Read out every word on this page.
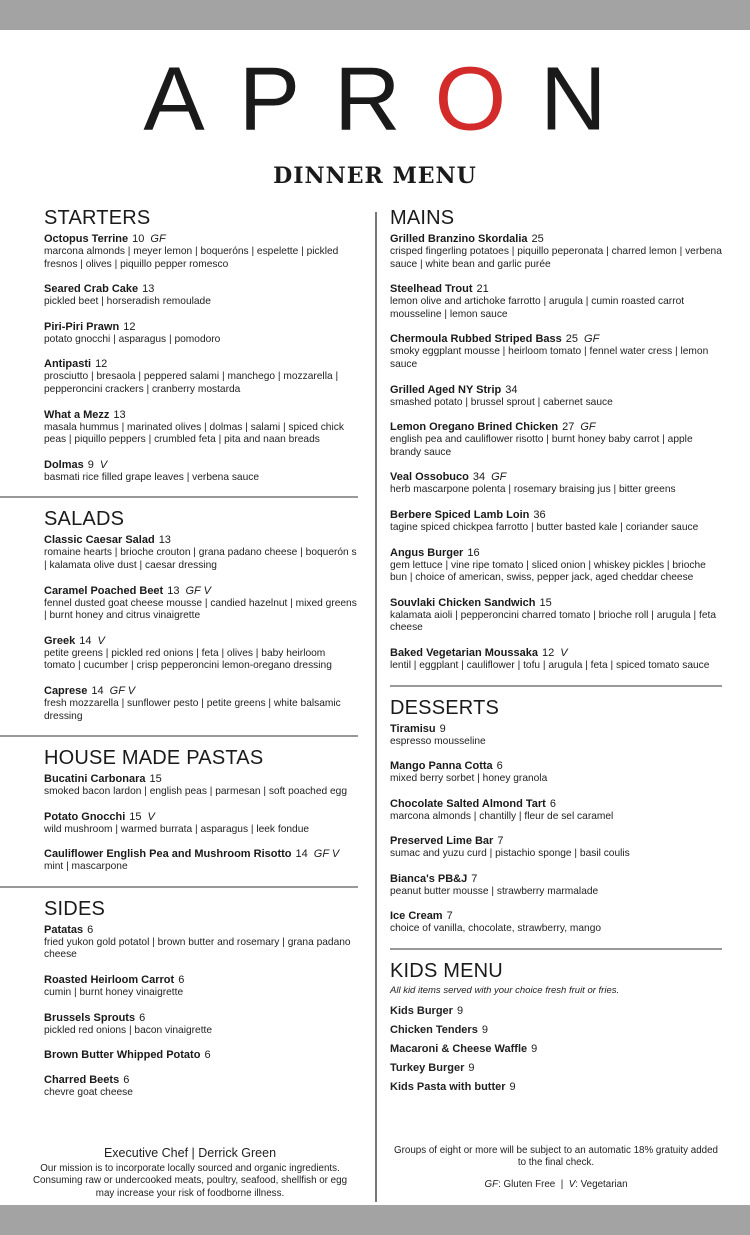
APRON
DINNER MENU
STARTERS
Octopus Terrine 10 GF
marcona almonds | meyer lemon | boqueróns | espelette | pickled fresnos | olives | piquillo pepper romesco
Seared Crab Cake 13
pickled beet | horseradish remoulade
Piri-Piri Prawn 12
potato gnocchi | asparagus | pomodoro
Antipasti 12
prosciutto | bresaola | peppered salami | manchego | mozzarella | pepperoncini crackers | cranberry mostarda
What a Mezz 13
masala hummus | marinated olives | dolmas | salami | spiced chick peas | piquillo peppers | crumbled feta | pita and naan breads
Dolmas 9 V
basmati rice filled grape leaves | verbena sauce
SALADS
Classic Caesar Salad 13
romaine hearts | brioche crouton | grana padano cheese | boquerón s | kalamata olive dust | caesar dressing
Caramel Poached Beet 13 GF V
fennel dusted goat cheese mousse | candied hazelnut | mixed greens | burnt honey and citrus vinaigrette
Greek 14 V
petite greens | pickled red onions | feta | olives | baby heirloom tomato | cucumber | crisp pepperoncini lemon-oregano dressing
Caprese 14 GF V
fresh mozzarella | sunflower pesto | petite greens | white balsamic dressing
HOUSE MADE PASTAS
Bucatini Carbonara 15
smoked bacon lardon | english peas | parmesan | soft poached egg
Potato Gnocchi 15 V
wild mushroom | warmed burrata | asparagus | leek fondue
Cauliflower English Pea and Mushroom Risotto 14 GF V
mint | mascarpone
SIDES
Patatas 6
fried yukon gold potatol | brown butter and rosemary | grana padano cheese
Roasted Heirloom Carrot 6
cumin | burnt honey vinaigrette
Brussels Sprouts 6
pickled red onions | bacon vinaigrette
Brown Butter Whipped Potato 6
Charred Beets 6
chevre goat cheese
MAINS
Grilled Branzino Skordalia 25
crisped fingerling potatoes | piquillo peperonata | charred lemon | verbena sauce | white bean and garlic purée
Steelhead Trout 21
lemon olive and artichoke farrotto | arugula | cumin roasted carrot mousseline | lemon sauce
Chermoula Rubbed Striped Bass 25 GF
smoky eggplant mousse | heirloom tomato | fennel water cress | lemon sauce
Grilled Aged NY Strip 34
smashed potato | brussel sprout | cabernet sauce
Lemon Oregano Brined Chicken 27 GF
english pea and cauliflower risotto | burnt honey baby carrot | apple brandy sauce
Veal Ossobuco 34 GF
herb mascarpone polenta | rosemary braising jus | bitter greens
Berbere Spiced Lamb Loin 36
tagine spiced chickpea farrotto | butter basted kale | coriander sauce
Angus Burger 16
gem lettuce | vine ripe tomato | sliced onion | whiskey pickles | brioche bun | choice of american, swiss, pepper jack, aged cheddar cheese
Souvlaki Chicken Sandwich 15
kalamata aioli | pepperoncini charred tomato | brioche roll | arugula | feta cheese
Baked Vegetarian Moussaka 12 V
lentil | eggplant | cauliflower | tofu | arugula | feta | spiced tomato sauce
DESSERTS
Tiramisu 9
espresso mousseline
Mango Panna Cotta 6
mixed berry sorbet | honey granola
Chocolate Salted Almond Tart 6
marcona almonds | chantilly | fleur de sel caramel
Preserved Lime Bar 7
sumac and yuzu curd | pistachio sponge | basil coulis
Bianca's PB&J 7
peanut butter mousse | strawberry marmalade
Ice Cream 7
choice of vanilla, chocolate, strawberry, mango
KIDS MENU
All kid items served with your choice fresh fruit or fries.
Kids Burger 9
Chicken Tenders 9
Macaroni & Cheese Waffle 9
Turkey Burger 9
Kids Pasta with butter 9
Executive Chef | Derrick Green
Our mission is to incorporate locally sourced and organic ingredients. Consuming raw or undercooked meats, poultry, seafood, shellfish or egg may increase your risk of foodborne illness.
Groups of eight or more will be subject to an automatic 18% gratuity added to the final check.
GF: Gluten Free  |  V: Vegetarian
